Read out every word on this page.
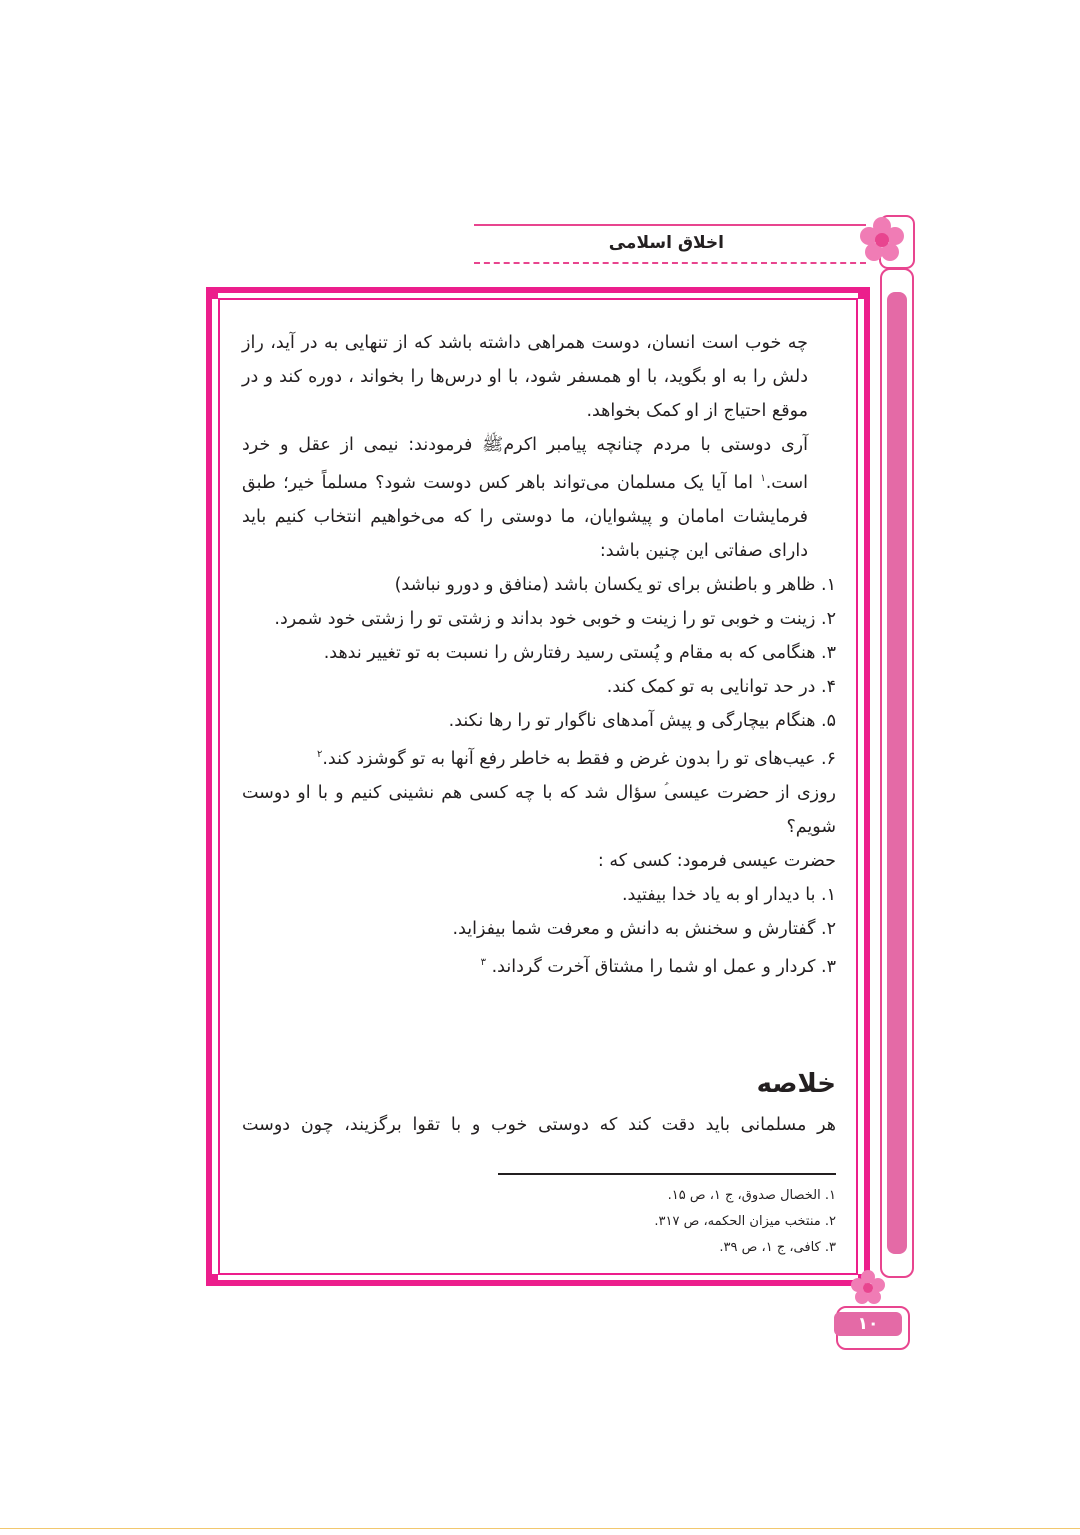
اخلاق اسلامی

چه خوب است انسان، دوست همراهی داشته باشد که از تنهایی به در آید، راز دلش را به او بگوید، با او همسفر شود، با او درس‌ها را بخواند ، دوره کند و در موقع احتیاج از او کمک بخواهد.

آری دوستی با مردم چنانچه پیامبر اکرمﷺ فرمودند: نیمی از عقل و خرد است.$^۱$ اما آیا یک مسلمان می‌تواند باهر کس دوست شود؟ مسلماً خیر؛ طبق فرمایشات امامان و پیشوایان، ما دوستی را که می‌خواهیم انتخاب کنیم باید دارای صفاتی این چنین باشد:

۱. ظاهر و باطنش برای تو یکسان باشد (منافق و دورو نباشد)

۲. زینت و خوبی تو را زینت و خوبی خود بداند و زشتی تو را زشتی خود شمرد.

۳. هنگامی که به مقام و پُستی رسید رفتارش را نسبت به تو تغییر ندهد.

۴. در حد توانایی به تو کمک کند.

۵. هنگام بیچارگی و پیش آمدهای ناگوار تو را رها نکند.

۶. عیب‌های تو را بدون غرض و فقط به خاطر رفع آنها به تو گوشزد کند.$^۲$

روزی از حضرت عیسی‌ؑ سؤال شد که با چه کسی هم نشینی کنیم و با او دوست شویم؟

حضرت عیسی فرمود: کسی که :

۱. با دیدار او به یاد خدا بیفتید.

۲. گفتارش و سخنش به دانش و معرفت شما بیفزاید.

۳. کردار و عمل او شما را مشتاق آخرت گرداند. $^۳$

خلاصه
هر مسلمانی باید دقت کند که دوستی خوب و با تقوا برگزیند، چون دوست
۱. الخصال صدوق، ج ۱، ص ۱۵.
۲. منتخب میزان الحکمه، ص ۳۱۷.
۳. کافی، ج ۱، ص ۳۹.
۱۰
